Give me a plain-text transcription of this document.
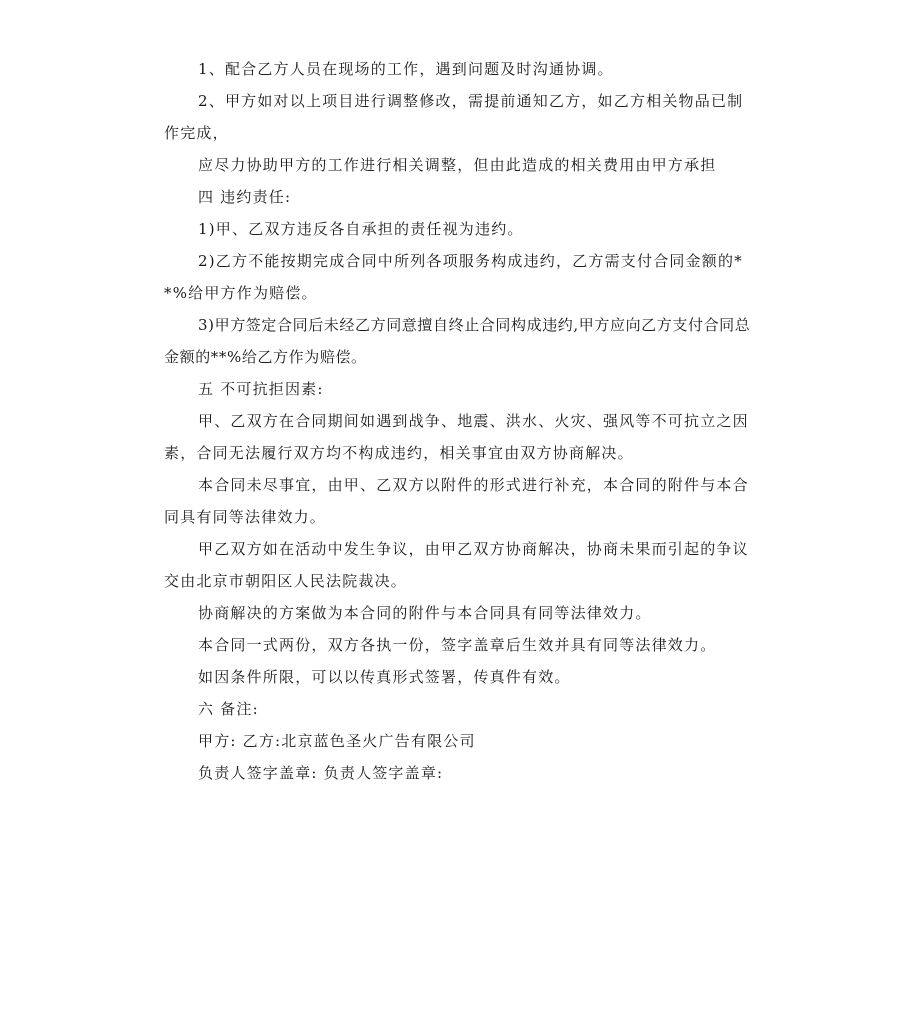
1、配合乙方人员在现场的工作，遇到问题及时沟通协调。

2、甲方如对以上项目进行调整修改，需提前通知乙方，如乙方相关物品已制作完成，

应尽力协助甲方的工作进行相关调整，但由此造成的相关费用由甲方承担

四 违约责任:

1)甲、乙双方违反各自承担的责任视为违约。

2)乙方不能按期完成合同中所列各项服务构成违约，乙方需支付合同金额的**%给甲方作为赔偿。

3)甲方签定合同后未经乙方同意擅自终止合同构成违约,甲方应向乙方支付合同总金额的**%给乙方作为赔偿。

五 不可抗拒因素:

甲、乙双方在合同期间如遇到战争、地震、洪水、火灾、强风等不可抗立之因素，合同无法履行双方均不构成违约，相关事宜由双方协商解决。

本合同未尽事宜，由甲、乙双方以附件的形式进行补充，本合同的附件与本合同具有同等法律效力。

甲乙双方如在活动中发生争议，由甲乙双方协商解决，协商未果而引起的争议交由北京市朝阳区人民法院裁决。

协商解决的方案做为本合同的附件与本合同具有同等法律效力。

本合同一式两份，双方各执一份，签字盖章后生效并具有同等法律效力。

如因条件所限，可以以传真形式签署，传真件有效。

六 备注:

甲方: 乙方:北京蓝色圣火广告有限公司

负责人签字盖章: 负责人签字盖章:
